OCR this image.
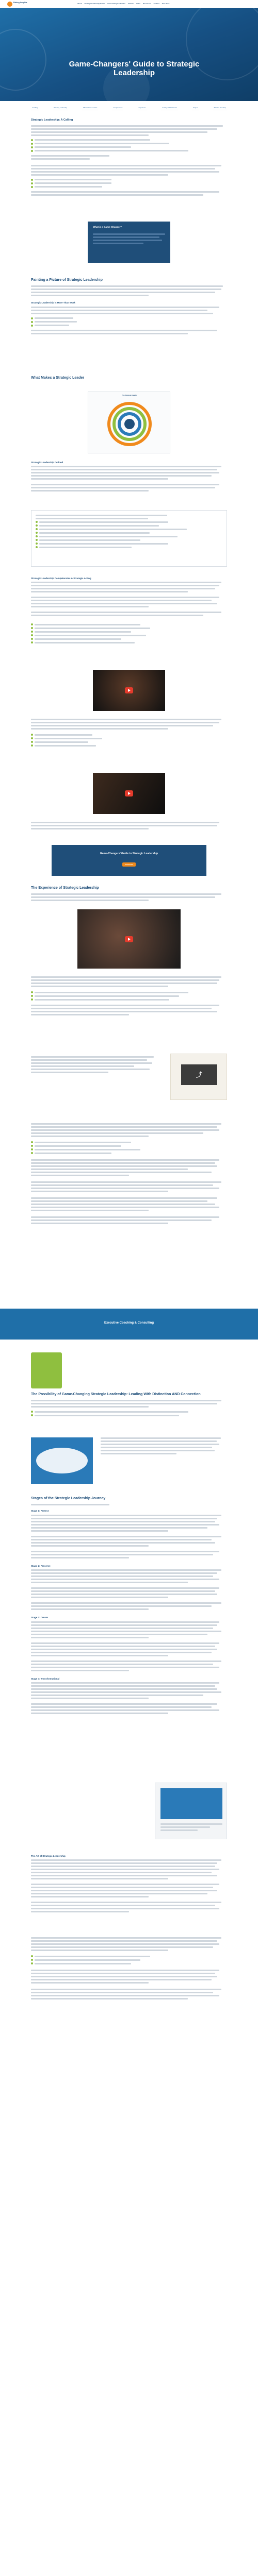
Eaking Insights	About Strategic Leadership Series Game-Changers' Guides Articles Video Resources Contact Free Book
Game-Changers' Guide to Strategic Leadership
A Calling	Picturing Leadership	What Makes a Leader	Competencies	Experience	Leading with Distinction	Stages	Take the Next Step
Strategic Leadership: A Calling
What is a Game-Changer?
Painting a Picture of Strategic Leadership
Strategic Leadership is More Than Work
What Makes a Strategic Leader
The Strategic Leader
Strategic Leadership Defined
Strategic Leadership Competencies & Strategic Acting
Game-Changers' Guide to Strategic Leadership
Download
The Experience of Strategic Leadership
⤴
Executive Coaching & Consulting
The Possibility of Game-Changing Strategic Leadership: Leading With Distinction AND Connection
Stages of the Strategic Leadership Journey
Stage 1: Protect
Stage 2: Preserve
Stage 3: Create
Stage 4: Transformational
The Art of Strategic Leadership
